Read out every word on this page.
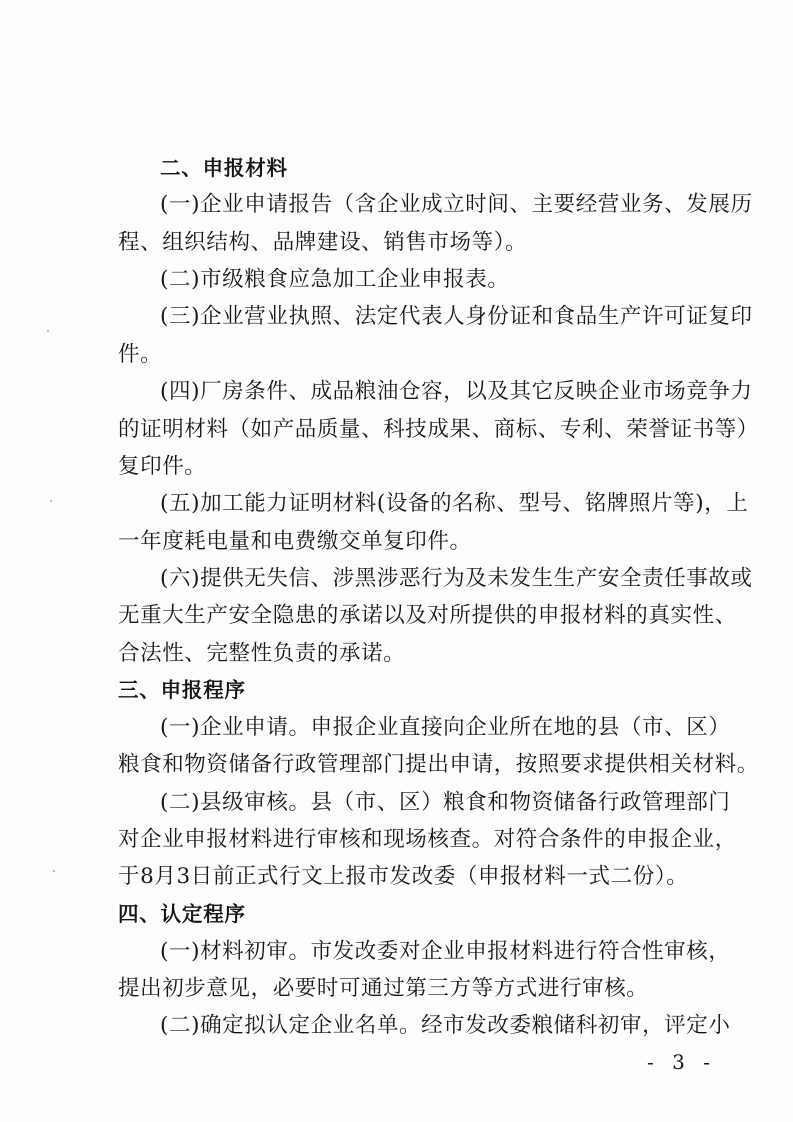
二、申报材料
(一)企业申请报告（含企业成立时间、主要经营业务、发展历
程、组织结构、品牌建设、销售市场等）。
(二)市级粮食应急加工企业申报表。
(三)企业营业执照、法定代表人身份证和食品生产许可证复印
件。
(四)厂房条件、成品粮油仓容，以及其它反映企业市场竞争力
的证明材料（如产品质量、科技成果、商标、专利、荣誉证书等）
复印件。
(五)加工能力证明材料(设备的名称、型号、铭牌照片等)，上
一年度耗电量和电费缴交单复印件。
(六)提供无失信、涉黑涉恶行为及未发生生产安全责任事故或
无重大生产安全隐患的承诺以及对所提供的申报材料的真实性、
合法性、完整性负责的承诺。
三、申报程序
(一)企业申请。申报企业直接向企业所在地的县（市、区）
粮食和物资储备行政管理部门提出申请，按照要求提供相关材料。
(二)县级审核。县（市、区）粮食和物资储备行政管理部门
对企业申报材料进行审核和现场核查。对符合条件的申报企业，
于8月3日前正式行文上报市发改委（申报材料一式二份）。
四、认定程序
(一)材料初审。市发改委对企业申报材料进行符合性审核，
提出初步意见，必要时可通过第三方等方式进行审核。
(二)确定拟认定企业名单。经市发改委粮储科初审，评定小
- 3 -
